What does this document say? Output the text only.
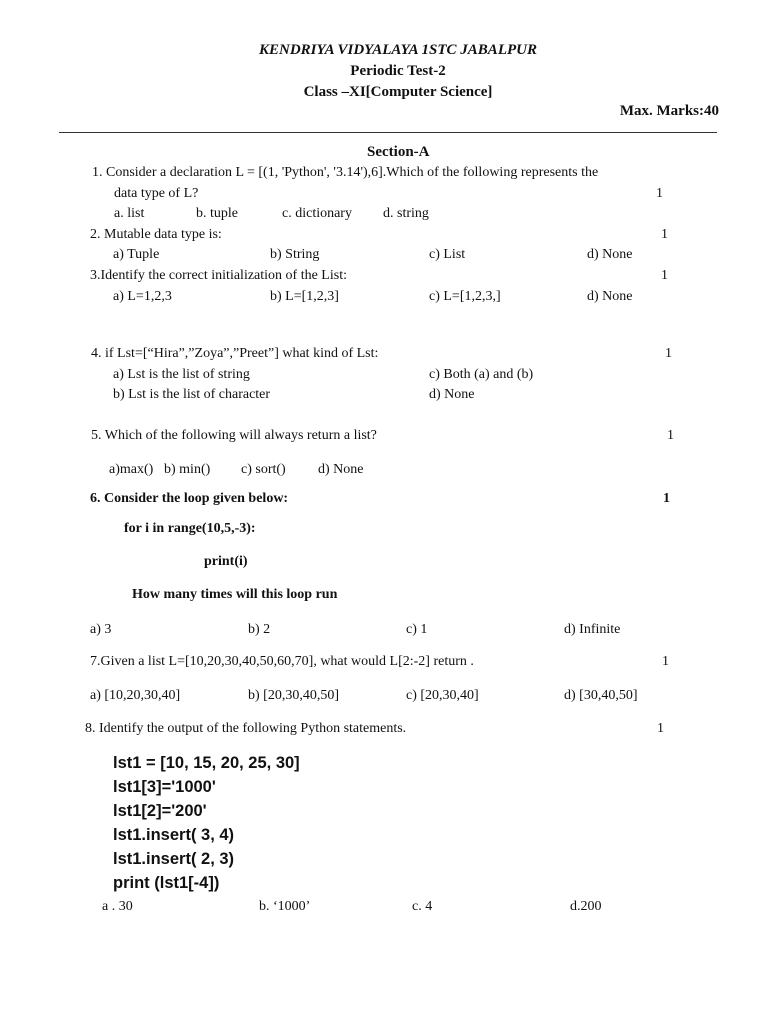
KENDRIYA VIDYALAYA 1STC JABALPUR
Periodic Test-2
Class –XI[Computer Science]
Max. Marks:40
Section-A
1. Consider a declaration L = [(1, 'Python', '3.14'),6].Which of the following represents the
data type of L?	1
a. list	b. tuple	c. dictionary d. string
2. Mutable data type is:	1
a) Tuple	b) String	c) List	d) None
3.Identify the correct initialization of the List:	1
a) L=1,2,3	b) L=[1,2,3]	c) L=[1,2,3,]	d) None
4. if Lst=[“Hira”,”Zoya”,”Preet”] what kind of Lst:	1
a) Lst is the list of string
b) Lst is the list of character
c) Both (a) and (b)
d) None
5. Which of the following will always return a list?	1
a)max() b) min() c) sort() d) None
6. Consider the loop given below:	1
for i in range(10,5,-3):
print(i)
How many times will this loop run
a) 3	b) 2	c) 1	d) Infinite
7.Given a list L=[10,20,30,40,50,60,70], what would L[2:-2] return .	1
a) [10,20,30,40]	b) [20,30,40,50]	c) [20,30,40]	d) [30,40,50]
8. Identify the output of the following Python statements.	1
lst1 = [10, 15, 20, 25, 30]
lst1[3]='1000'
lst1[2]='200'
lst1.insert( 3, 4)
lst1.insert( 2, 3)
print (lst1[-4])
a . 30	b. ‘1000’	c. 4	d.200
